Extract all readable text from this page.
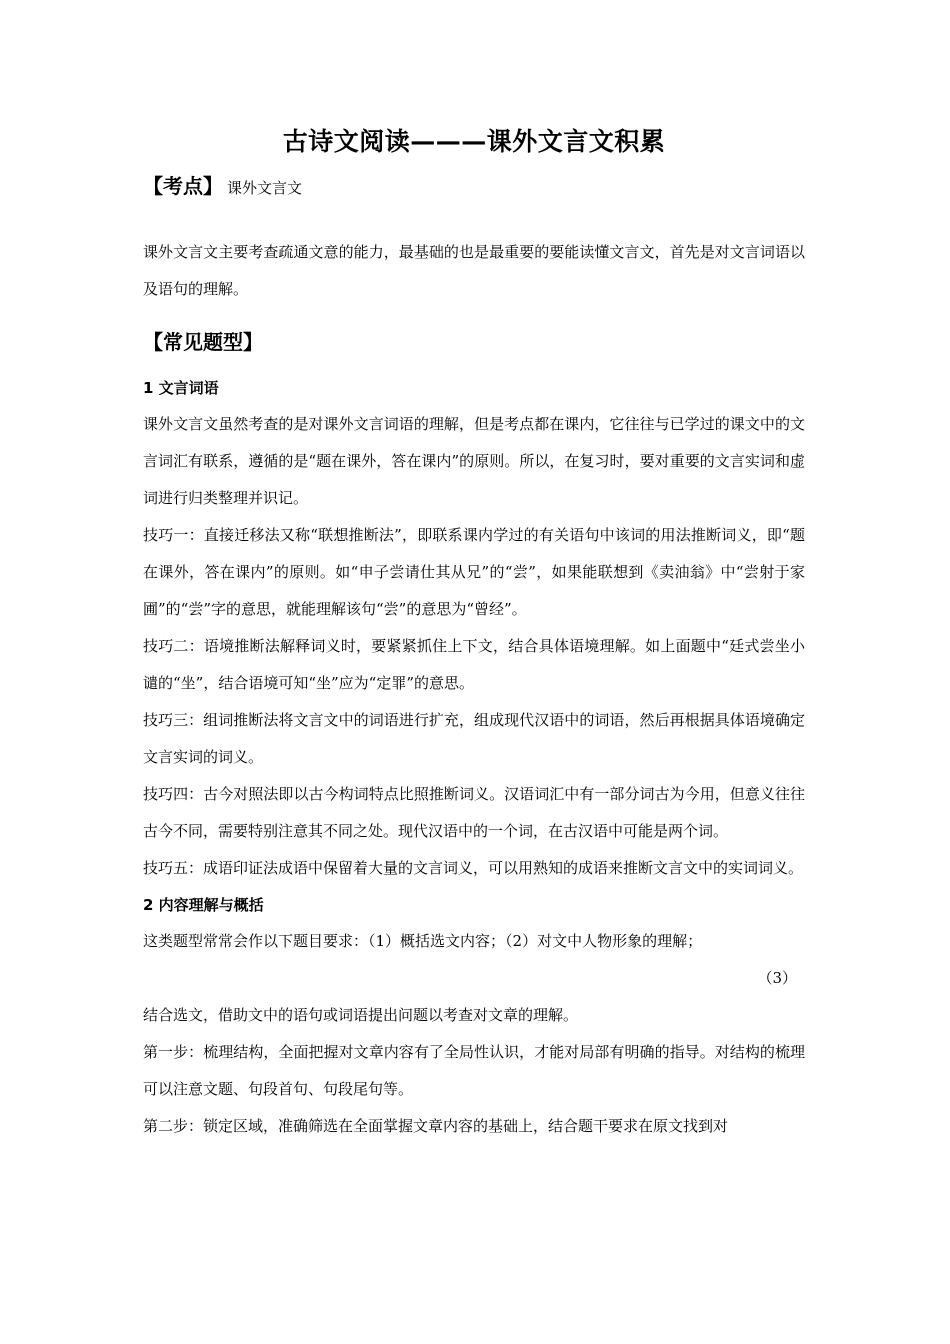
古诗文阅读———课外文言文积累
【考点】 课外文言文

课外文言文主要考查疏通文意的能力，最基础的也是最重要的要能读懂文言文，首先是对文言词语以及语句的理解。

【常见题型】
1 文言词语

课外文言文虽然考查的是对课外文言词语的理解，但是考点都在课内，它往往与已学过的课文中的文言词汇有联系，遵循的是“题在课外，答在课内”的原则。所以，在复习时，要对重要的文言实词和虚词进行归类整理并识记。

技巧一：直接迁移法又称“联想推断法”，即联系课内学过的有关语句中该词的用法推断词义，即“题在课外，答在课内”的原则。如“申子尝请仕其从兄”的“尝”，如果能联想到《卖油翁》中“尝射于家圃”的“尝”字的意思，就能理解该句“尝”的意思为“曾经”。

技巧二：语境推断法解释词义时，要紧紧抓住上下文，结合具体语境理解。如上面题中“廷式尝坐小谴的“坐”，结合语境可知“坐”应为“定罪”的意思。

技巧三：组词推断法将文言文中的词语进行扩充，组成现代汉语中的词语，然后再根据具体语境确定文言实词的词义。

技巧四：古今对照法即以古今构词特点比照推断词义。汉语词汇中有一部分词古为今用，但意义往往古今不同，需要特别注意其不同之处。现代汉语中的一个词，在古汉语中可能是两个词。

技巧五：成语印证法成语中保留着大量的文言词义，可以用熟知的成语来推断文言文中的实词词义。

2 内容理解与概括

这类题型常常会作以下题目要求：（1）概括选文内容；（2）对文中人物形象的理解；

（3）

结合选文，借助文中的语句或词语提出问题以考查对文章的理解。

第一步：梳理结构，全面把握对文章内容有了全局性认识，才能对局部有明确的指导。对结构的梳理可以注意文题、句段首句、句段尾句等。

第二步：锁定区域，准确筛选在全面掌握文章内容的基础上，结合题干要求在原文找到对
